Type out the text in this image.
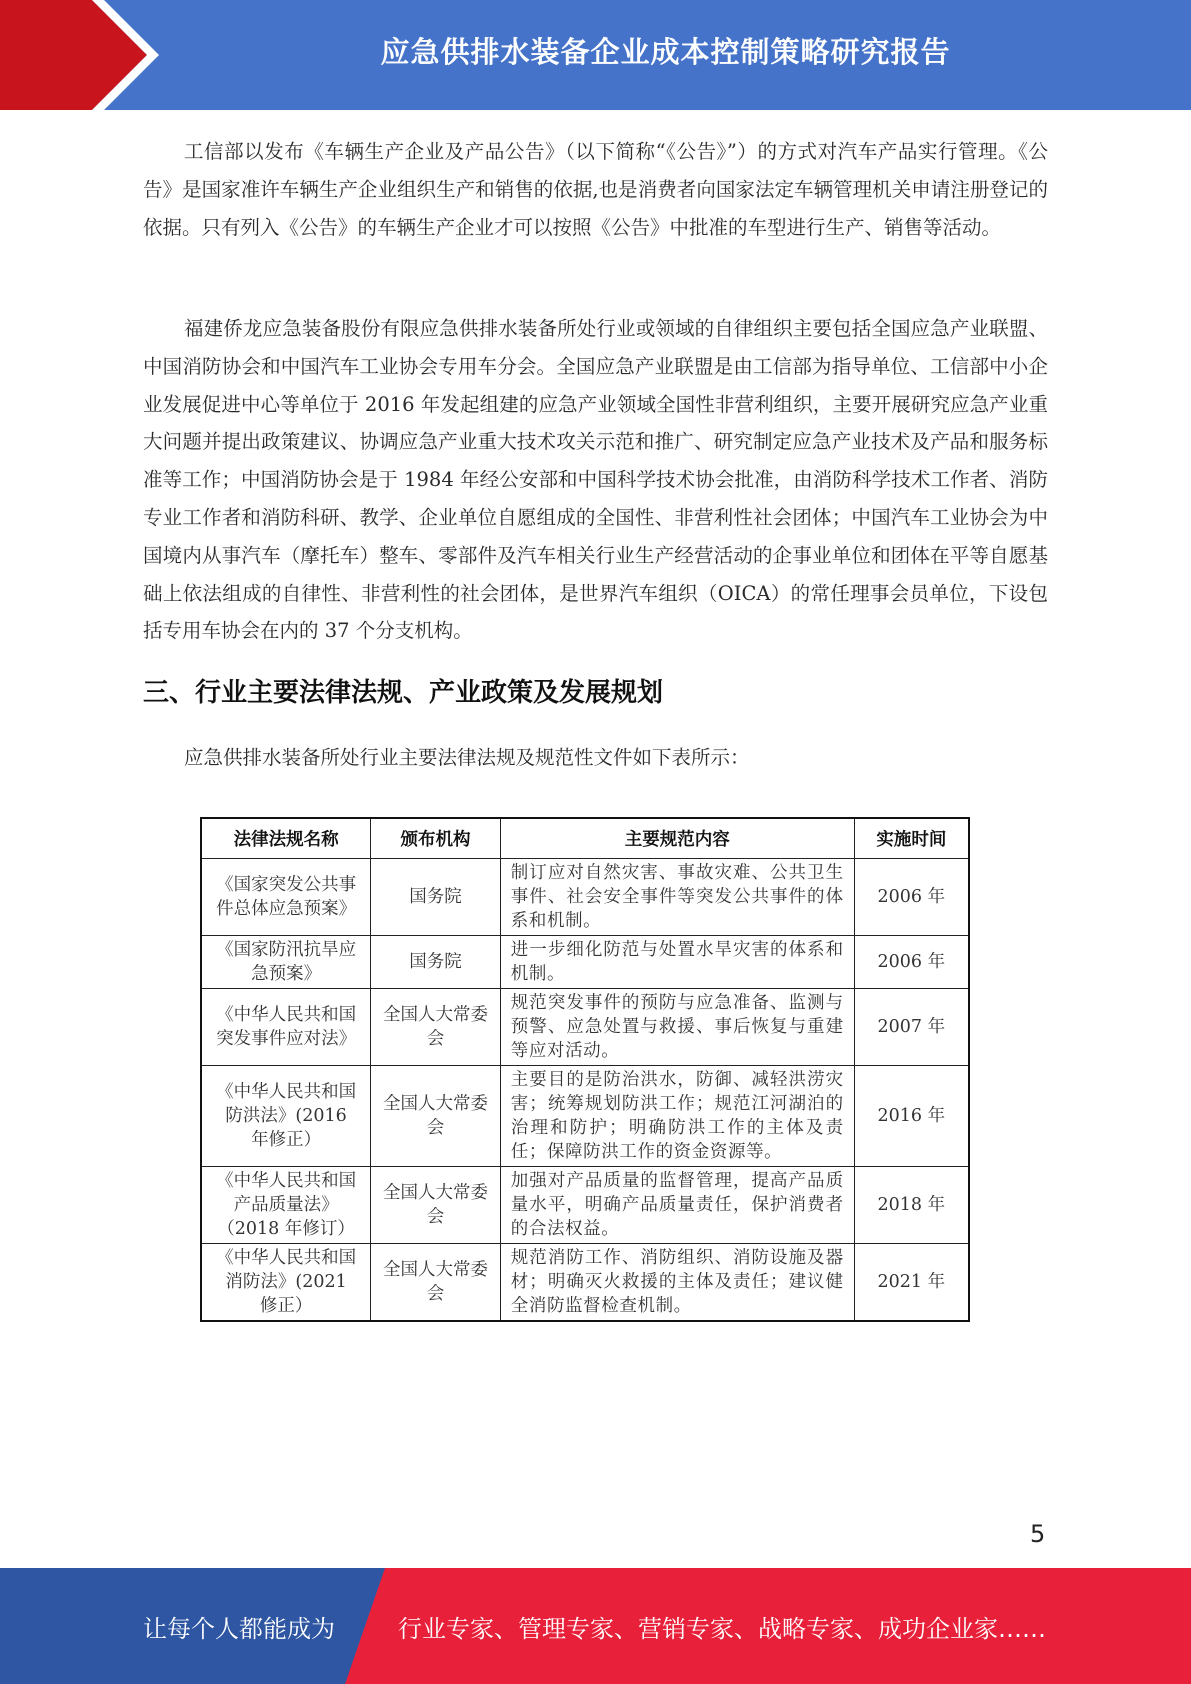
应急供排水装备企业成本控制策略研究报告

工信部以发布《车辆生产企业及产品公告》（以下简称“《公告》”）的方式对汽车产品实行管理。《公告》是国家准许车辆生产企业组织生产和销售的依据,也是消费者向国家法定车辆管理机关申请注册登记的依据。只有列入《公告》的车辆生产企业才可以按照《公告》中批准的车型进行生产、销售等活动。

福建侨龙应急装备股份有限应急供排水装备所处行业或领域的自律组织主要包括全国应急产业联盟、中国消防协会和中国汽车工业协会专用车分会。全国应急产业联盟是由工信部为指导单位、工信部中小企业发展促进中心等单位于 2016 年发起组建的应急产业领域全国性非营利组织，主要开展研究应急产业重大问题并提出政策建议、协调应急产业重大技术攻关示范和推广、研究制定应急产业技术及产品和服务标准等工作；中国消防协会是于 1984 年经公安部和中国科学技术协会批准，由消防科学技术工作者、消防专业工作者和消防科研、教学、企业单位自愿组成的全国性、非营利性社会团体；中国汽车工业协会为中国境内从事汽车（摩托车）整车、零部件及汽车相关行业生产经营活动的企事业单位和团体在平等自愿基础上依法组成的自律性、非营利性的社会团体，是世界汽车组织（OICA）的常任理事会员单位，下设包括专用车协会在内的 37 个分支机构。

三、行业主要法律法规、产业政策及发展规划

应急供排水装备所处行业主要法律法规及规范性文件如下表所示：

法律法规名称	颁布机构	主要规范内容	实施时间
《国家突发公共事件总体应急预案》	国务院	制订应对自然灾害、事故灾难、公共卫生事件、社会安全事件等突发公共事件的体系和机制。	2006 年
《国家防汛抗旱应急预案》	国务院	进一步细化防范与处置水旱灾害的体系和机制。	2006 年
《中华人民共和国突发事件应对法》	全国人大常委会	规范突发事件的预防与应急准备、监测与预警、应急处置与救援、事后恢复与重建等应对活动。	2007 年
《中华人民共和国防洪法》(2016 年修正）	全国人大常委会	主要目的是防治洪水，防御、减轻洪涝灾害；统筹规划防洪工作；规范江河湖泊的治理和防护；明确防洪工作的主体及责任；保障防洪工作的资金资源等。	2016 年
《中华人民共和国产品质量法》（2018 年修订）	全国人大常委会	加强对产品质量的监督管理，提高产品质量水平，明确产品质量责任，保护消费者的合法权益。	2018 年
《中华人民共和国消防法》(2021 修正）	全国人大常委会	规范消防工作、消防组织、消防设施及器材；明确灭火救援的主体及责任；建议健全消防监督检查机制。	2021 年
5
让每个人都能成为	行业专家、管理专家、营销专家、战略专家、成功企业家……
